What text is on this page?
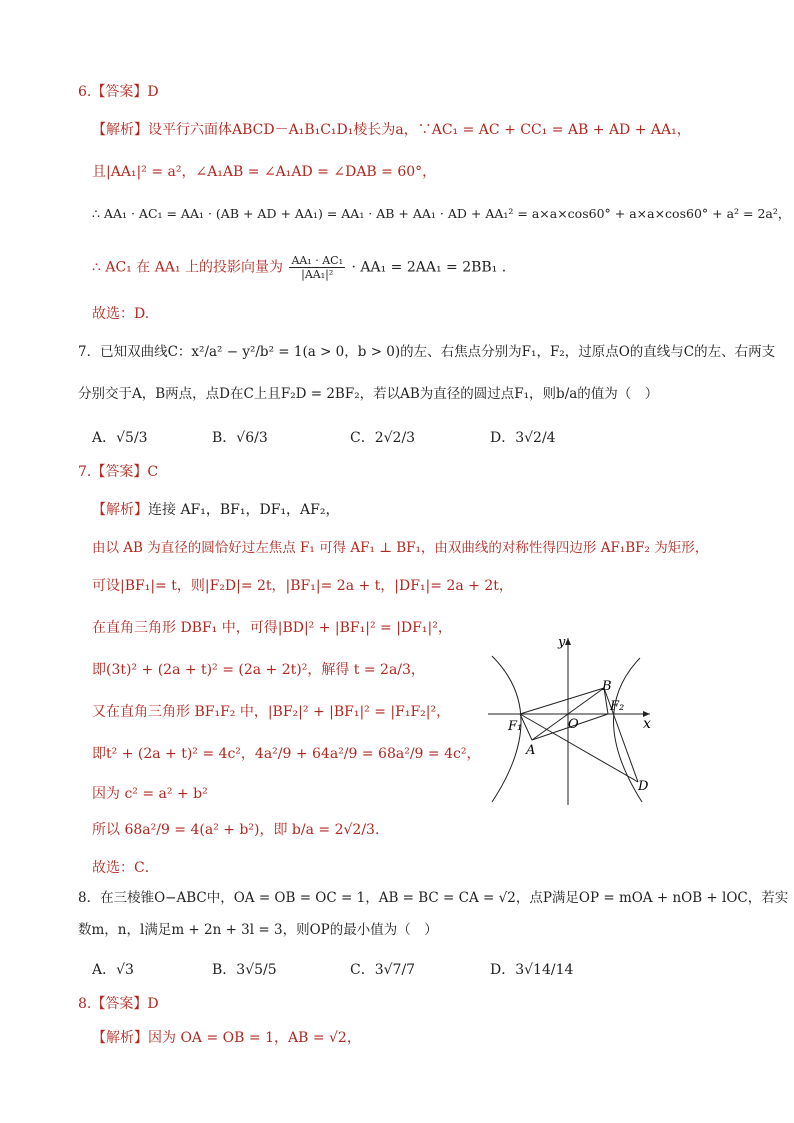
6.【答案】D
【解析】设平行六面体ABCD－A₁B₁C₁D₁棱长为a，∵AC₁ = AC + CC₁ = AB + AD + AA₁，
且|AA₁|² = a²，∠A₁AB = ∠A₁AD = ∠DAB = 60°，
∴ AA₁ · AC₁ = AA₁ · (AB + AD + AA₁) = AA₁ · AB + AA₁ · AD + AA₁² = a×a×cos60° + a×a×cos60° + a² = 2a²，
∴ AC₁ 在 AA₁ 上的投影向量为 $\frac{\text{AA₁ · AC₁}}{\text{|AA₁|²}} \cdot AA_1 = 2AA_1 = 2BB_1$ .
故选：D.
7．已知双曲线C：x²/a² − y²/b² = 1(a > 0，b > 0)的左、右焦点分别为F₁，F₂，过原点O的直线与C的左、右两支
分别交于A，B两点，点D在C上且F₂D = 2BF₂，若以AB为直径的圆过点F₁，则b/a的值为（　）
A．√5/3	B．√6/3	C．2√2/3	D．3√2/4
7.【答案】C
【解析】连接 AF₁，BF₁，DF₁，AF₂，
由以 AB 为直径的圆恰好过左焦点 F₁ 可得 AF₁ ⊥ BF₁，由双曲线的对称性得四边形 AF₁BF₂ 为矩形，
可设|BF₁|= t，则|F₂D|= 2t，|BF₁|= 2a + t，|DF₁|= 2a + 2t，
在直角三角形 DBF₁ 中，可得|BD|² + |BF₁|² = |DF₁|²，
即(3t)² + (2a + t)² = (2a + 2t)²，解得 t = 2a/3，
又在直角三角形 BF₁F₂ 中，|BF₂|² + |BF₁|² = |F₁F₂|²，
即t² + (2a + t)² = 4c²，4a²/9 + 64a²/9 = 68a²/9 = 4c²，
因为 c² = a² + b²
所以 68a²/9 = 4(a² + b²)，即 b/a = 2√2/3.
故选：C．
y
x
O
F₁
F₂
A
B
D
8．在三棱锥O−ABC中，OA = OB = OC = 1，AB = BC = CA = √2，点P满足OP = mOA + nOB + lOC，若实
数m，n，l满足m + 2n + 3l = 3，则OP的最小值为（　）
A．√3	B．3√5/5	C．3√7/7	D．3√14/14
8.【答案】D
【解析】因为 OA = OB = 1，AB = √2，
